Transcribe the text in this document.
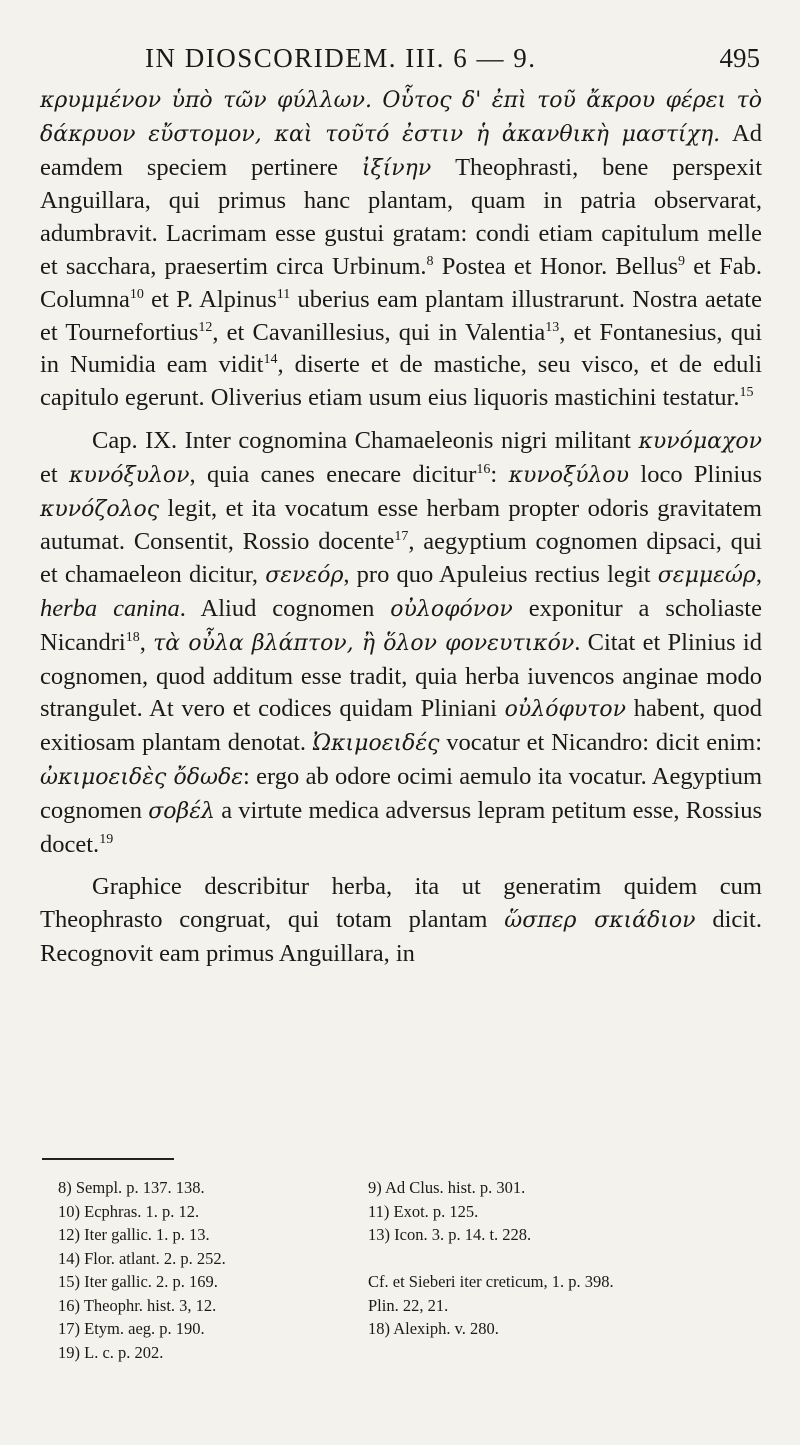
IN DIOSCORIDEM. III. 6 — 9.	495

κρυμμένον ὑπὸ τῶν φύλλων. Οὗτος δ' ἐπὶ τοῦ ἄκρου φέρει τὸ δάκρυον εὔστομον, καὶ τοῦτό ἐστιν ἡ ἀκανθικὴ μαστίχη. Ad eamdem speciem pertinere ἰξίνην Theophrasti, bene perspexit Anguillara, qui primus hanc plantam, quam in patria observarat, adumbravit. Lacrimam esse gustui gratam: condi etiam capitulum melle et sacchara, praesertim circa Urbinum.$^8$ Postea et Honor. Bellus$^9$ et Fab. Columna$^{10}$ et P. Alpinus$^{11}$ uberius eam plantam illustrarunt. Nostra aetate et Tournefortius$^{12}$, et Cavanillesius, qui in Valentia$^{13}$, et Fontanesius, qui in Numidia eam vidit$^{14}$, diserte et de mastiche, seu visco, et de eduli capitulo egerunt. Oliverius etiam usum eius liquoris mastichini testatur.$^{15}$

Cap. IX. Inter cognomina Chamaeleonis nigri militant κυνόμαχον et κυνόξυλον, quia canes enecare dicitur$^{16}$: κυνοξύλου loco Plinius κυνόζολος legit, et ita vocatum esse herbam propter odoris gravitatem autumat. Consentit, Rossio docente$^{17}$, aegyptium cognomen dipsaci, qui et chamaeleon dicitur, σενεόρ, pro quo Apuleius rectius legit σεμμεώρ, herba canina. Aliud cognomen οὐλοφόνον exponitur a scholiaste Nicandri$^{18}$, τὰ οὖλα βλάπτον, ἢ ὅλον φονευτικόν. Citat et Plinius id cognomen, quod additum esse tradit, quia herba iuvencos anginae modo strangulet. At vero et codices quidam Pliniani οὐλόφυτον habent, quod exitiosam plantam denotat. Ὠκιμοειδές vocatur et Nicandro: dicit enim: ὠκιμοειδὲς ὄδωδε: ergo ab odore ocimi aemulo ita vocatur. Aegyptium cognomen σοβέλ a virtute medica adversus lepram petitum esse, Rossius docet.$^{19}$

Graphice describitur herba, ita ut generatim quidem cum Theophrasto congruat, qui totam plantam ὥσπερ σκιάδιον dicit. Recognovit eam primus Anguillara, in

8) Sempl. p. 137. 138.	9) Ad Clus. hist. p. 301.
10) Ecphras. 1. p. 12.	11) Exot. p. 125.
12) Iter gallic. 1. p. 13.	13) Icon. 3. p. 14. t. 228.
14) Flor. atlant. 2. p. 252.
15) Iter gallic. 2. p. 169.	Cf. et Sieberi iter creticum, 1. p. 398.
16) Theophr. hist. 3, 12.	Plin. 22, 21.
17) Etym. aeg. p. 190.	18) Alexiph. v. 280.
19) L. c. p. 202.
